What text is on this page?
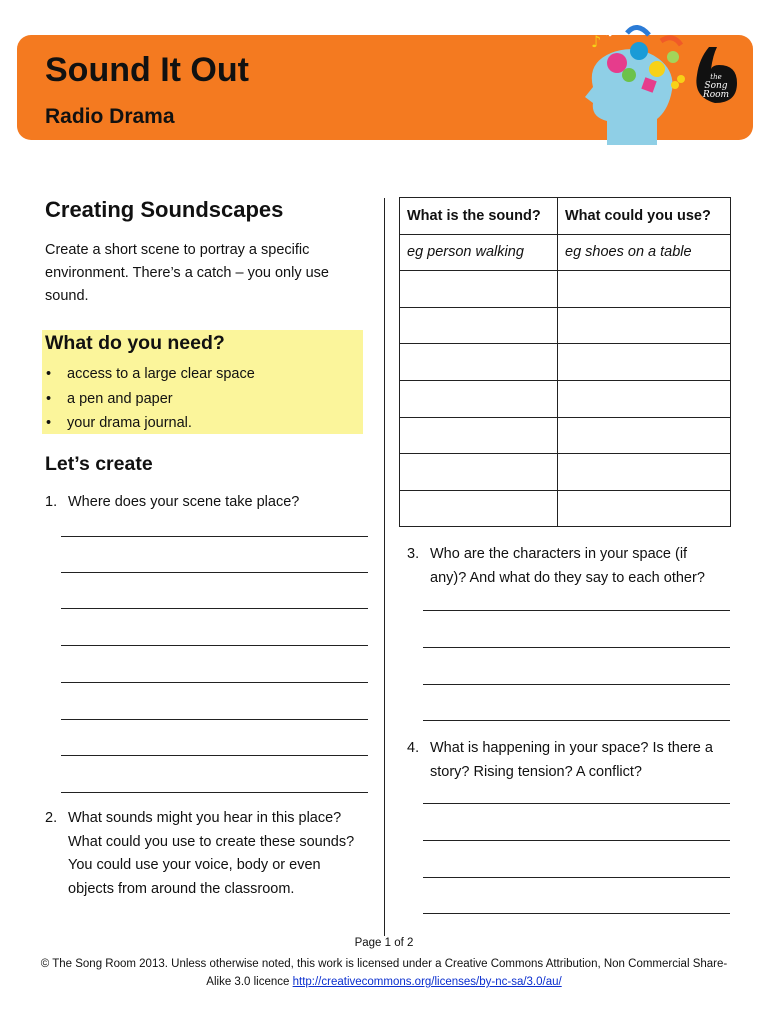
Sound It Out
Radio Drama
♪
♫
the
Song
Room
Creating Soundscapes

Create a short scene to portray a specific environment. There’s a catch – you only use sound.

What do you need?
• access to a large clear space
• a pen and paper
• your drama journal.
Let’s create
1. Where does your scene take place?
2. What sounds might you hear in this place? What could you use to create these sounds? You could use your voice, body or even objects from around the classroom.
What is the sound?	What could you use?
eg person walking	eg shoes on a table

3. Who are the characters in your space (if any)? And what do they say to each other?
4. What is happening in your space? Is there a story? Rising tension? A conflict?
Page 1 of 2
© The Song Room 2013. Unless otherwise noted, this work is licensed under a Creative Commons Attribution, Non Commercial Share-Alike 3.0 licence http://creativecommons.org/licenses/by-nc-sa/3.0/au/
